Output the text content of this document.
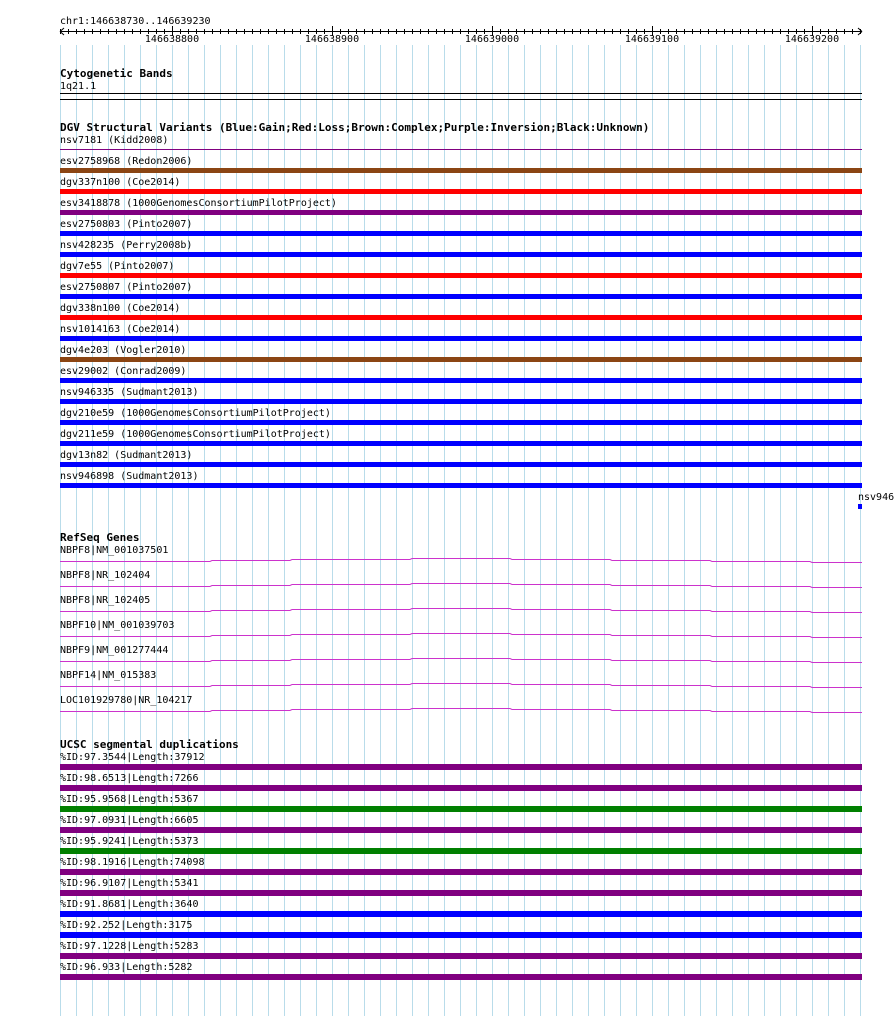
chr1:146638730..146639230
146638800	146638900	146639000	146639100	146639200
Cytogenetic Bands
1q21.1
DGV Structural Variants (Blue:Gain;Red:Loss;Brown:Complex;Purple:Inversion;Black:Unknown)
nsv7181 (Kidd2008)
esv2758968 (Redon2006)
dgv337n100 (Coe2014)
esv3418878 (1000GenomesConsortiumPilotProject)
esv2750803 (Pinto2007)
nsv428235 (Perry2008b)
dgv7e55 (Pinto2007)
esv2750807 (Pinto2007)
dgv338n100 (Coe2014)
nsv1014163 (Coe2014)
dgv4e203 (Vogler2010)
esv29002 (Conrad2009)
nsv946335 (Sudmant2013)
dgv210e59 (1000GenomesConsortiumPilotProject)
dgv211e59 (1000GenomesConsortiumPilotProject)
dgv13n82 (Sudmant2013)
nsv946898 (Sudmant2013)
nsv946
RefSeq Genes
NBPF8|NM_001037501
NBPF8|NR_102404
NBPF8|NR_102405
NBPF10|NM_001039703
NBPF9|NM_001277444
NBPF14|NM_015383
LOC101929780|NR_104217
UCSC segmental duplications
%ID:97.3544|Length:37912
%ID:98.6513|Length:7266
%ID:95.9568|Length:5367
%ID:97.0931|Length:6605
%ID:95.9241|Length:5373
%ID:98.1916|Length:74098
%ID:96.9107|Length:5341
%ID:91.8681|Length:3640
%ID:92.252|Length:3175
%ID:97.1228|Length:5283
%ID:96.933|Length:5282
